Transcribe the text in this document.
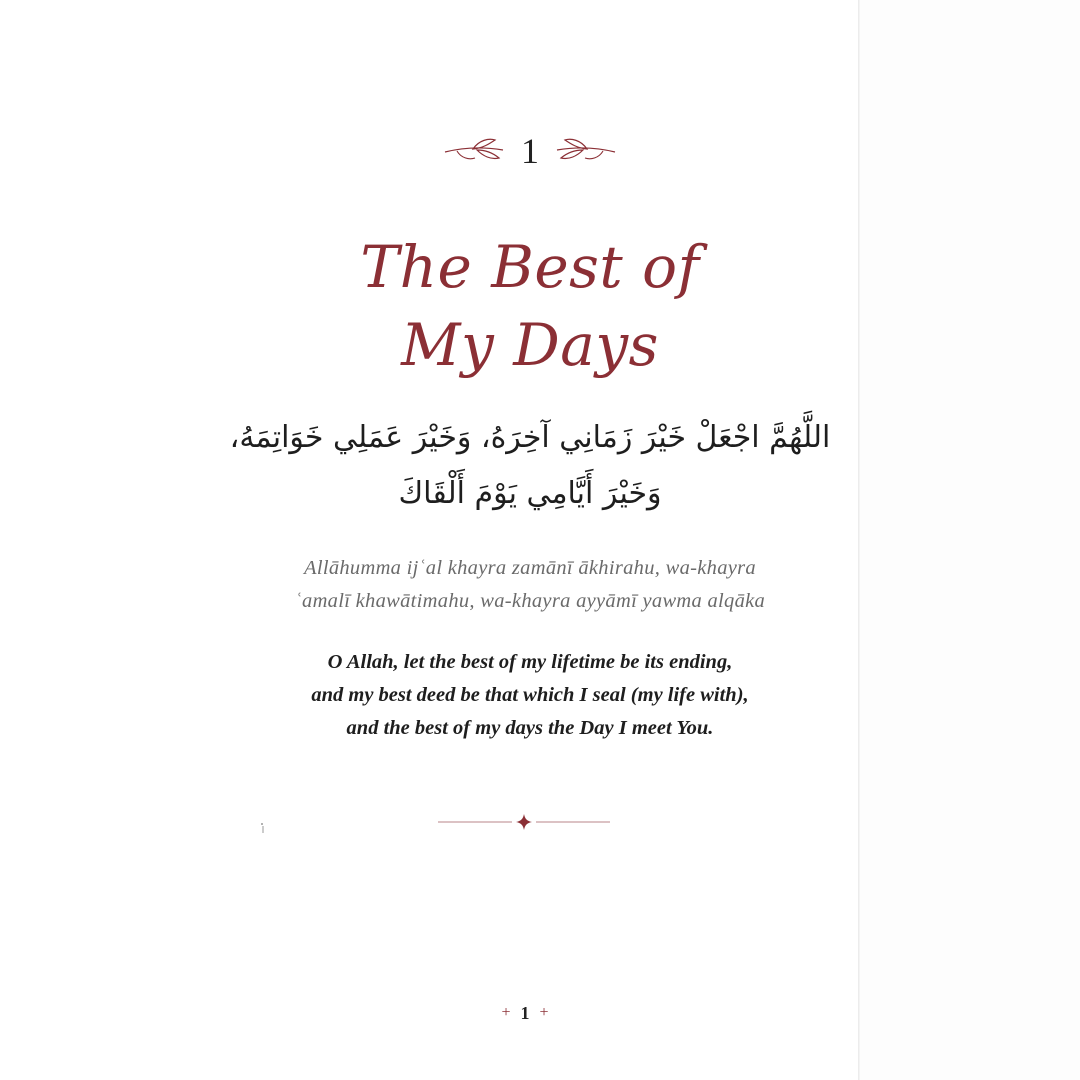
1
The Best of
My Days
اللَّهُمَّ اجْعَلْ خَيْرَ زَمَانِي آخِرَهُ، وَخَيْرَ عَمَلِي خَوَاتِمَهُ،
وَخَيْرَ أَيَّامِي يَوْمَ أَلْقَاكَ
Allāhumma ijʿal khayra zamānī ākhirahu, wa-khayra
ʿamalī khawātimahu, wa-khayra ayyāmī yawma alqāka
O Allah, let the best of my lifetime be its ending,
and my best deed be that which I seal (my life with),
and the best of my days the Day I meet You.
+ 1 +
